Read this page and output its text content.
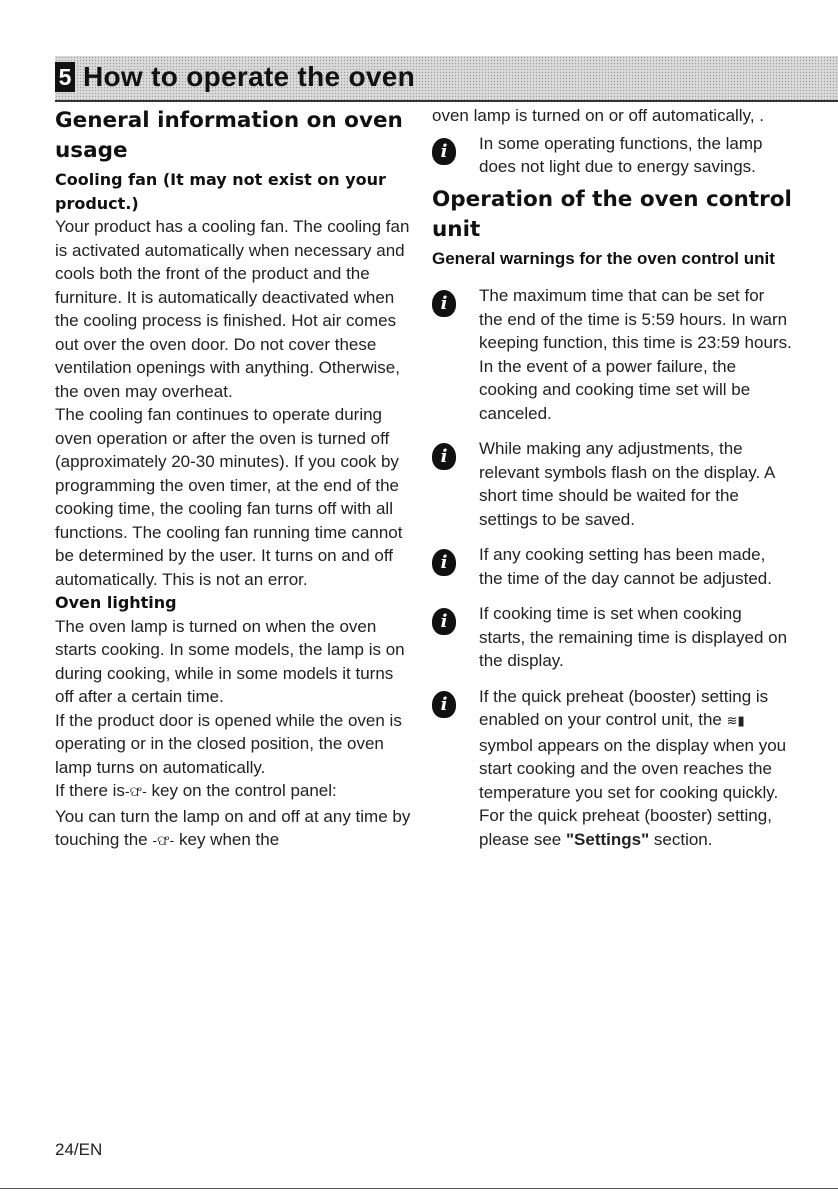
5 How to operate the oven
General information on oven usage
Cooling fan (It may not exist on your product.)

Your product has a cooling fan. The cooling fan is activated automatically when necessary and cools both the front of the product and the furniture. It is automatically deactivated when the cooling process is finished. Hot air comes out over the oven door. Do not cover these ventilation openings with anything. Otherwise, the oven may overheat.

The cooling fan continues to operate during oven operation or after the oven is turned off (approximately 20-30 minutes). If you cook by programming the oven timer, at the end of the cooking time, the cooling fan turns off with all functions. The cooling fan running time cannot be determined by the user. It turns on and off automatically. This is not an error.

Oven lighting

The oven lamp is turned on when the oven starts cooking. In some models, the lamp is on during cooking, while in some models it turns off after a certain time.

If the product door is opened while the oven is operating or in the closed position, the oven lamp turns on automatically.

If there is-ଫ- key on the control panel:

You can turn the lamp on and off at any time by touching the -ଫ- key when the

oven lamp is turned on or off automatically, .

i	In some operating functions, the lamp does not light due to energy savings.

Operation of the oven control unit
General warnings for the oven control unit
i	The maximum time that can be set for the end of the time is 5:59 hours. In warn keeping function, this time is 23:59 hours. In the event of a power failure, the cooking and cooking time set will be canceled.

i	While making any adjustments, the relevant symbols flash on the display. A short time should be waited for the settings to be saved.

i	If any cooking setting has been made, the time of the day cannot be adjusted.

i	If cooking time is set when cooking starts, the remaining time is displayed on the display.

i	If the quick preheat (booster) setting is enabled on your control unit, the ≋▮ symbol appears on the display when you start cooking and the oven reaches the temperature you set for cooking quickly. For the quick preheat (booster) setting, please see "Settings" section.

24/EN
